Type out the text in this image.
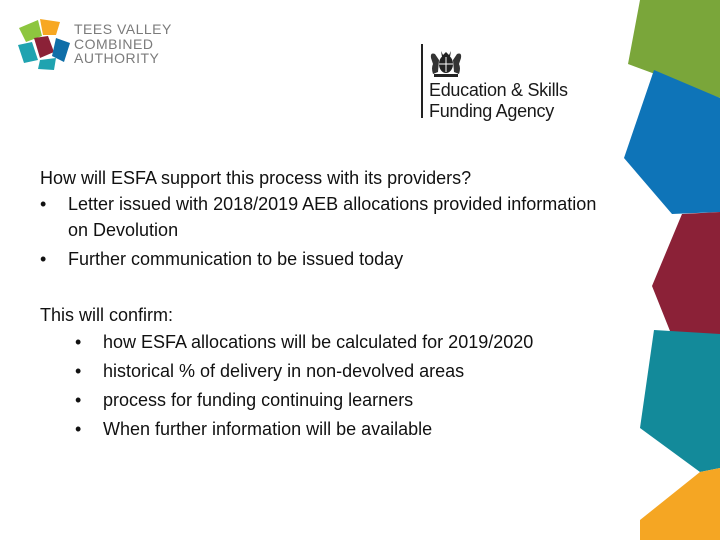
TEES VALLEY
COMBINED
AUTHORITY
Education & Skills
Funding Agency

How will ESFA support this process with its providers?

• Letter issued with 2018/2019 AEB allocations provided information on Devolution

• Further communication to be issued today

This will confirm:

• how ESFA allocations will be calculated for 2019/2020

• historical % of delivery in non-devolved areas

• process for funding continuing learners

• When further information will be available
